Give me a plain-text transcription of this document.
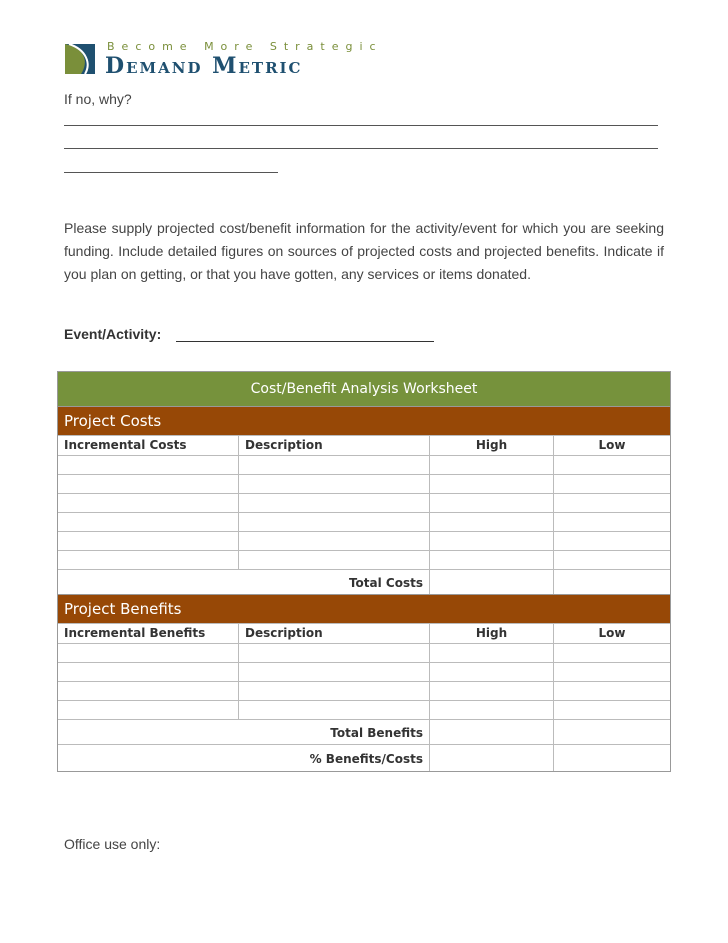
Become More Strategic
Demand Metric
If no, why?
Please supply projected cost/benefit information for the activity/event for which you are seeking funding. Include detailed figures on sources of projected costs and projected benefits. Indicate if you plan on getting, or that you have gotten, any services or items donated.
Event/Activity:
Cost/Benefit Analysis Worksheet
Project Costs
Incremental Costs	Description	High	Low
Total Costs
Project Benefits
Incremental Benefits	Description	High	Low
Total Benefits
% Benefits/Costs
Office use only:
